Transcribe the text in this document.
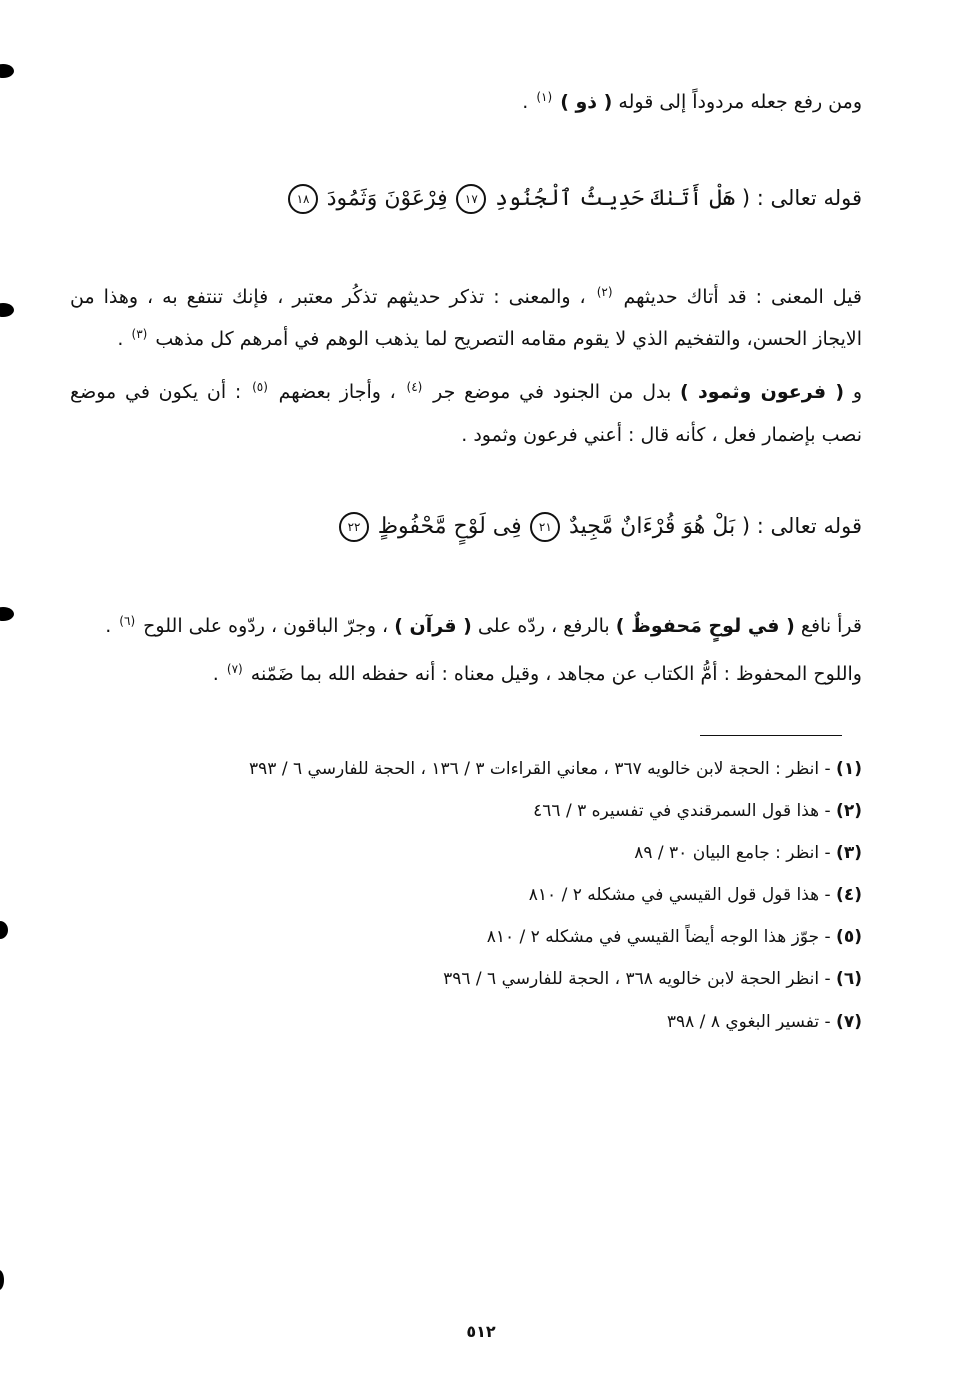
ومن رفع جعله مردوداً إلى قوله ( ذو ) $^{(١)}$ .
قوله تعالى : ( هَلْ أَتَىٰكَ حَدِيثُ ٱلْجُنُودِ ١٧ فِرْعَوْنَ وَثَمُودَ ١٨
قيل المعنى : قد أتاك حديثهم $^{(٢)}$ ، والمعنى : تذكر حديثهم تذكُر معتبر ، فإنك تنتفع به ، وهذا من
الايجاز الحسن، والتفخيم الذي لا يقوم مقامه التصريح لما يذهب الوهم في أمرهم كل مذهب $^{(٣)}$ .
و ( فرعون وثمود ) بدل من الجنود في موضع جر $^{(٤)}$ ، وأجاز بعضهم $^{(٥)}$ : أن يكون في موضع
نصب بإضمار فعل ، كأنه قال : أعني فرعون وثمود .
قوله تعالى : ( بَلْ هُوَ قُرْءَانٌ مَّجِيدٌ ٢١ فِى لَوْحٍ مَّحْفُوظٍ ٢٢
قرأ نافع ( في لوحٍ مَحفوظٌ ) بالرفع ، ردّه على ( قرآن ) ، وجرّ الباقون ، ردّوه على اللوح $^{(٦)}$ .
واللوح المحفوظ : أمُّ الكتاب عن مجاهد ، وقيل معناه : أنه حفظه الله بما ضَمّنه $^{(٧)}$ .
(١) - انظر : الحجة لابن خالويه ٣٦٧ ، معاني القراءات ٣ / ١٣٦ ، الحجة للفارسي ٦ / ٣٩٣
(٢) - هذا قول السمرقندي في تفسيره ٣ / ٤٦٦
(٣) - انظر : جامع البيان ٣٠ / ٨٩
(٤) - هذا قول قول القيسي في مشكله ٢ / ٨١٠
(٥) - جوّز هذا الوجه أيضاً القيسي في مشكله ٢ / ٨١٠
(٦) - انظر الحجة لابن خالويه ٣٦٨ ، الحجة للفارسي ٦ / ٣٩٦
(٧) - تفسير البغوي ٨ / ٣٩٨
٥١٢
